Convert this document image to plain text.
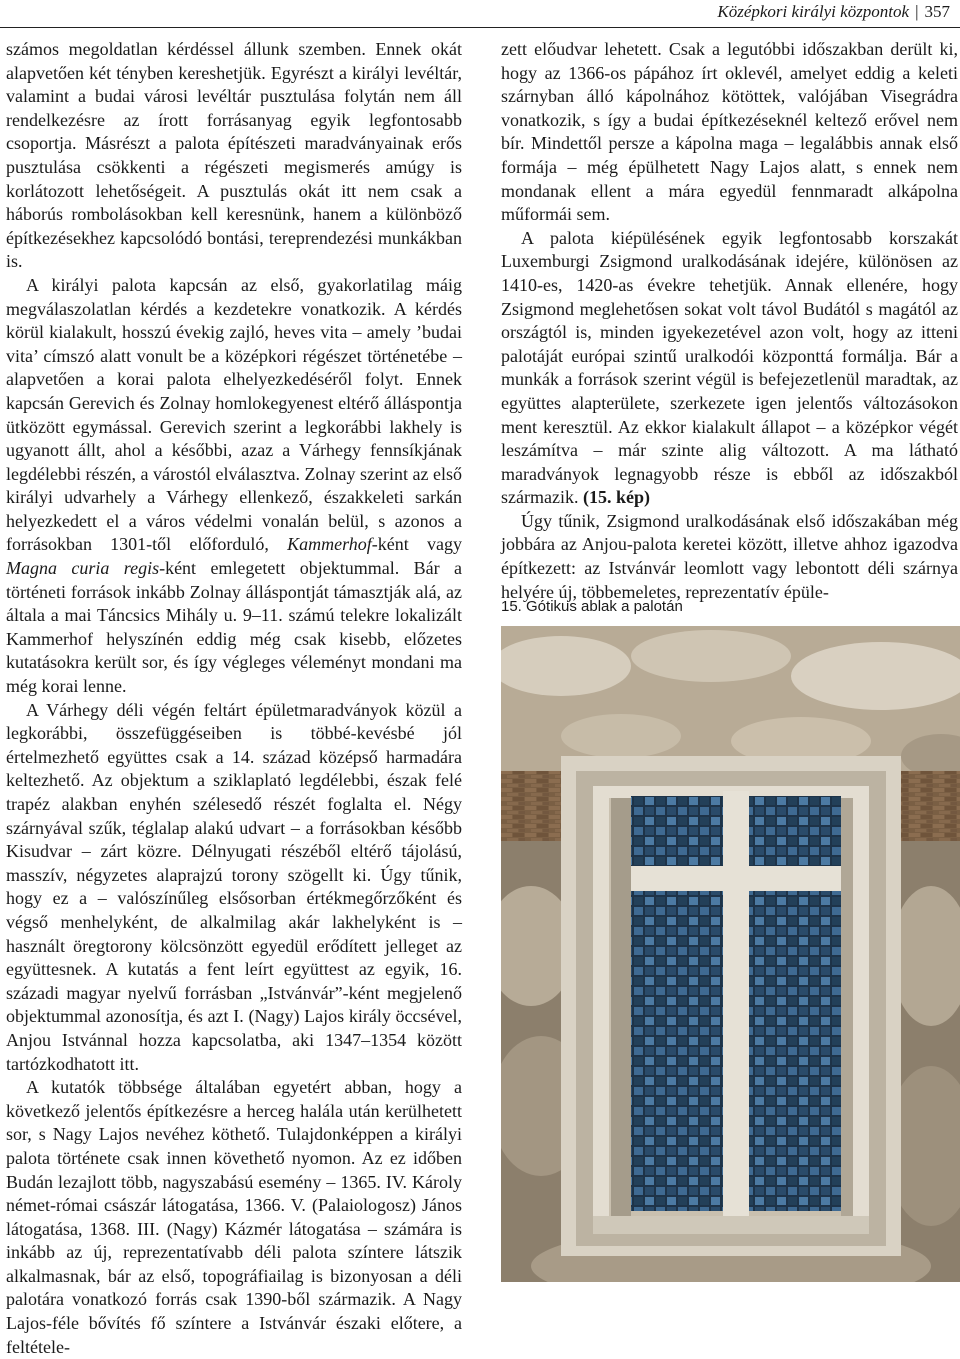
Középkori királyi központok | 357

számos megoldatlan kérdéssel állunk szemben. Ennek okát alapvetően két tényben kereshetjük. Egyrészt a királyi levéltár, valamint a budai városi levéltár pusztulása folytán nem áll rendelkezésre az írott forrásanyag egyik legfontosabb csoportja. Másrészt a palota építészeti maradványainak erős pusztulása csökkenti a régészeti megismerés amúgy is korlátozott lehetőségeit. A pusztulás okát itt nem csak a háborús rombolásokban kell keresnünk, hanem a különböző építkezésekhez kapcsolódó bontási, tereprendezési munkákban is.

A királyi palota kapcsán az első, gyakorlatilag máig megválaszolatlan kérdés a kezdetekre vonatkozik. A kérdés körül kialakult, hosszú évekig zajló, heves vita – amely ’budai vita’ címszó alatt vonult be a középkori régészet történetébe – alapvetően a korai palota elhelyezkedéséről folyt. Ennek kapcsán Gerevich és Zolnay homlokegyenest eltérő álláspontja ütközött egymással. Gerevich szerint a legkorábbi lakhely is ugyanott állt, ahol a későbbi, azaz a Várhegy fennsíkjának legdélebbi részén, a várostól elválasztva. Zolnay szerint az első királyi udvarhely a Várhegy ellenkező, északkeleti sarkán helyezkedett el a város védelmi vonalán belül, s azonos a forrásokban 1301-től előforduló, Kammerhof-ként vagy Magna curia regis-ként emlegetett objektummal. Bár a történeti források inkább Zolnay álláspontját támasztják alá, az általa a mai Táncsics Mihály u. 9–11. számú telekre lokalizált Kammerhof helyszínén eddig még csak kisebb, előzetes kutatásokra került sor, és így végleges véleményt mondani ma még korai lenne.

A Várhegy déli végén feltárt épületmaradványok közül a legkorábbi, összefüggéseiben is többé-kevésbé jól értelmezhető együttes csak a 14. század középső harmadára keltezhető. Az objektum a sziklaplató legdélebbi, észak felé trapéz alakban enyhén szélesedő részét foglalta el. Négy szárnyával szűk, téglalap alakú udvart – a forrásokban később Kisudvar – zárt közre. Délnyugati részéből eltérő tájolású, masszív, négyzetes alaprajzú torony szögellt ki. Úgy tűnik, hogy ez a – valószínűleg elsősorban értékmegőrzőként és végső menhelyként, de alkalmilag akár lakhelyként is – használt öregtorony kölcsönzött egyedül erődített jelleget az együttesnek. A kutatás a fent leírt együttest az egyik, 16. századi magyar nyelvű forrásban „Istvánvár”-ként megjelenő objektummal azonosítja, és azt I. (Nagy) Lajos király öccsével, Anjou Istvánnal hozza kapcsolatba, aki 1347–1354 között tartózkodhatott itt.

A kutatók többsége általában egyetért abban, hogy a következő jelentős építkezésre a herceg halála után kerülhetett sor, s Nagy Lajos nevéhez köthető. Tulajdonképpen a királyi palota története csak innen követhető nyomon. Az ez időben Budán lezajlott több, nagyszabású esemény – 1365. IV. Károly német-római császár látogatása, 1366. V. (Palaiologosz) János látogatása, 1368. III. (Nagy) Kázmér látogatása – számára is inkább az új, reprezentatívabb déli palota színtere látszik alkalmasnak, bár az első, topográfiailag is bizonyosan a déli palotára vonatkozó forrás csak 1390-ből származik. A Nagy Lajos-féle bővítés fő színtere a Istvánvár északi előtere, a feltétele-

zett előudvar lehetett. Csak a legutóbbi időszakban derült ki, hogy az 1366-os pápához írt oklevél, amelyet eddig a keleti szárnyban álló kápolnához kötöttek, valójában Visegrádra vonatkozik, s így a budai építkezéseknél keltező erővel nem bír. Mindettől persze a kápolna maga – legalábbis annak első formája – még épülhetett Nagy Lajos alatt, s ennek nem mondanak ellent a mára egyedül fennmaradt alkápolna műformái sem.

A palota kiépülésének egyik legfontosabb korszakát Luxemburgi Zsigmond uralkodásának idejére, különösen az 1410-es, 1420-as évekre tehetjük. Annak ellenére, hogy Zsigmond meglehetősen sokat volt távol Budától s magától az országtól is, minden igyekezetével azon volt, hogy az itteni palotáját európai szintű uralkodói központtá formálja. Bár a munkák a források szerint végül is befejezetlenül maradtak, az együttes alapterülete, szerkezete igen jelentős változásokon ment keresztül. Az ekkor kialakult állapot – a középkor végét leszámítva – már szinte alig változott. A ma látható maradványok legnagyobb része is ebből az időszakból származik. (15. kép)

Úgy tűnik, Zsigmond uralkodásának első időszakában még jobbára az Anjou-palota keretei között, illetve ahhoz igazodva építkezett: az Istvánvár leomlott vagy lebontott déli szárnya helyére új, többemeletes, reprezentatív épüle-

15. Gótikus ablak a palotán
